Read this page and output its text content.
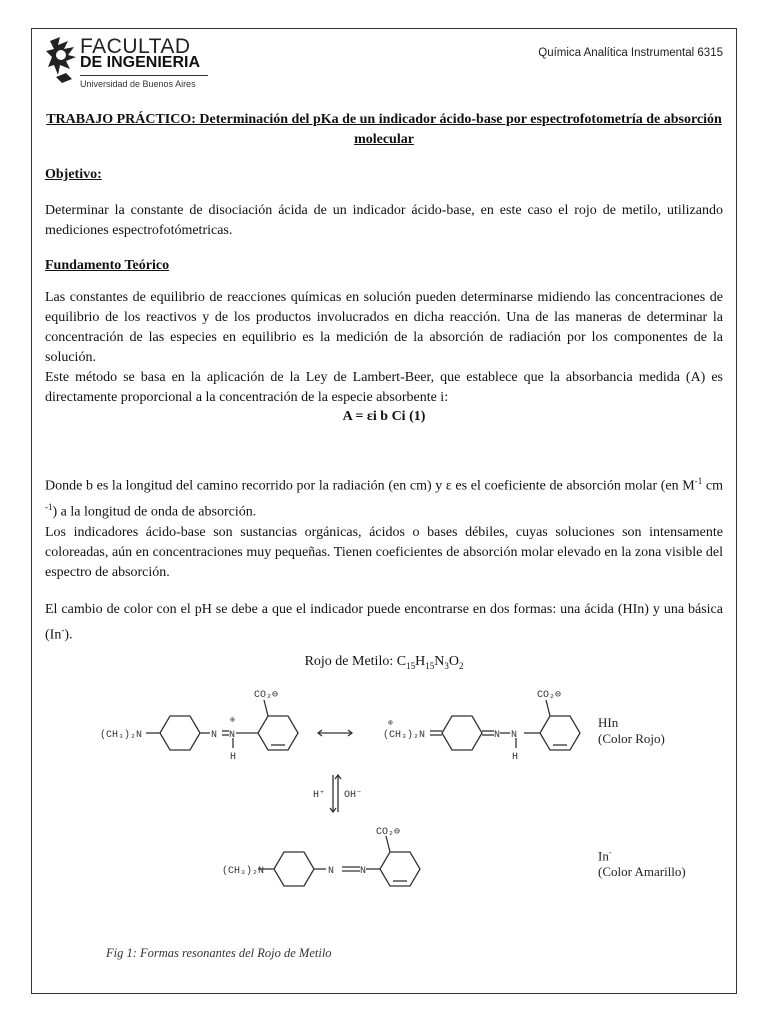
FACULTAD
DE INGENIERIA
Universidad de Buenos Aires
Química Analítica Instrumental 6315
TRABAJO PRÁCTICO: Determinación del pKa de un indicador ácido-base por espectrofotometría de absorción molecular
Objetivo:
Determinar la constante de disociación ácida de un indicador ácido-base, en este caso el rojo de metilo, utilizando mediciones espectrofotómetricas.
Fundamento Teórico
Las constantes de equilibrio de reacciones químicas en solución pueden determinarse midiendo las concentraciones de equilibrio de los reactivos y de los productos involucrados en dicha reacción. Una de las maneras de determinar la concentración de las especies en equilibrio es la medición de la absorción de radiación por los componentes de la solución.
Este método se basa en la aplicación de la Ley de Lambert-Beer, que establece que la absorbancia medida (A) es directamente proporcional a la concentración de la especie absorbente i:
A = εi b Ci (1)
Donde b es la longitud del camino recorrido por la radiación (en cm) y ε es el coeficiente de absorción molar (en $M^{-1}$ cm $^{-1}$) a la longitud de onda de absorción.
Los indicadores ácido-base son sustancias orgánicas, ácidos o bases débiles, cuyas soluciones son intensamente coloreadas, aún en concentraciones muy pequeñas. Tienen coeficientes de absorción molar elevado en la zona visible del espectro de absorción.
El cambio de color con el pH se debe a que el indicador puede encontrarse en dos formas: una ácida (HIn) y una básica (In-).
Rojo de Metilo: $C_{15}H_{15}N_3O_2$
(CH₃)₂N	N N
H
⊕
CO₂⊖
(CH₃)₂N
⊕
N N
H
CO₂⊖
H⁺ OH⁻
(CH₃)₂N	N	N
CO₂⊖
HIn
(Color Rojo)
In-
(Color Amarillo)
Fig 1: Formas resonantes del Rojo de Metilo
